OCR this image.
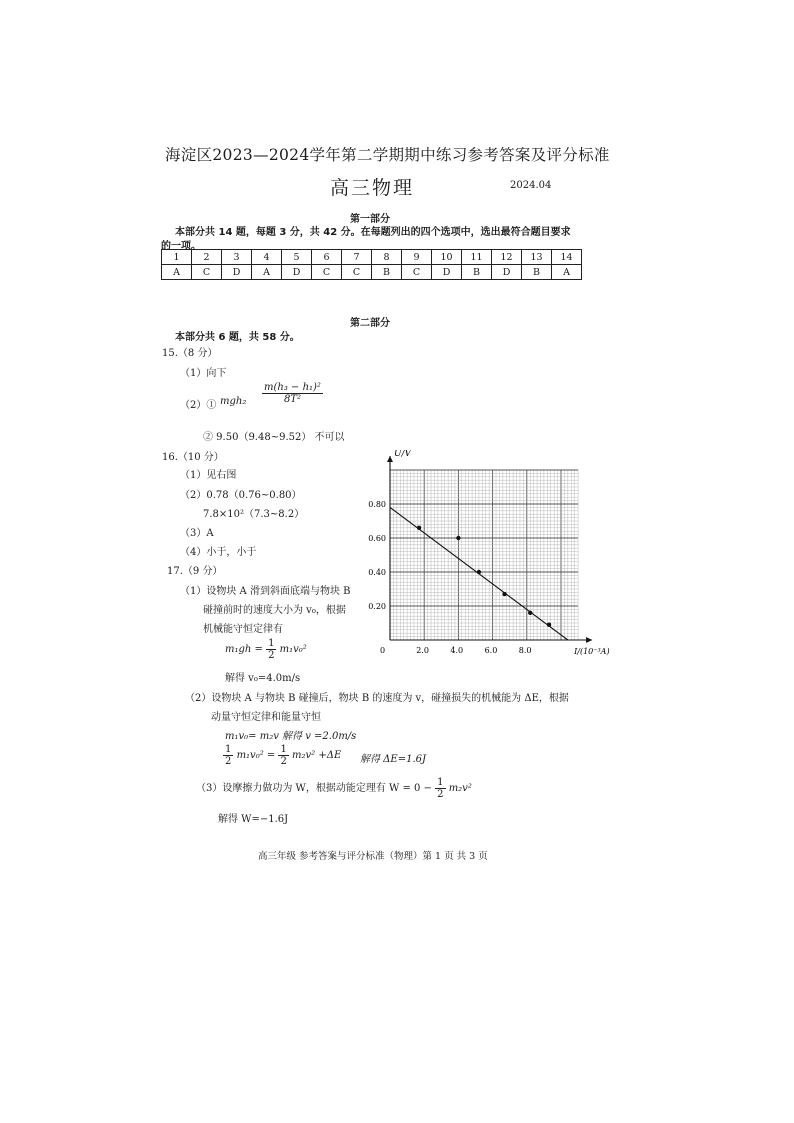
海淀区2023—2024学年第二学期期中练习参考答案及评分标准
高三物理	2024.04
第一部分
本部分共 14 题，每题 3 分，共 42 分。在每题列出的四个选项中，选出最符合题目要求
的一项。
1	2	3	4	5	6	7	8	9	10	11	12	13	14
A	C	D	A	D	C	C	B	C	D	B	D	B	A
第二部分
本部分共 6 题，共 58 分。
15.（8 分）
（1）向下
（2）① $mgh_2 \frac{\text{m(h₃ − h₁)²}}{\text{8T²}}$
② 9.50（9.48~9.52） 不可以
16.（10 分）
（1）见右图
（2）0.78（0.76~0.80）
7.8×10²（7.3~8.2）
（3）A
（4）小于，小于
2.0	4.0	6.0	8.0
0.20
0.40
0.60
0.80
U/V
I/(10⁻³A)
0
17.（9 分）
（1）设物块 A 滑到斜面底端与物块 B
碰撞前时的速度大小为 v₀，根据
机械能守恒定律有
$m_1gh = \frac{1}{2} m_1v_0^2$
解得 v₀=4.0m/s
（2）设物块 A 与物块 B 碰撞后，物块 B 的速度为 v，碰撞损失的机械能为 ΔE，根据
动量守恒定律和能量守恒
m₁v₀= m₂v 解得 v =2.0m/s
$\frac{1}{2} m_1v_0^2 = \frac{1}{2} m_2v^2 +\Delta E$ 解得 ΔE=1.6J
（3）设摩擦力做功为 W，根据动能定理有 $W = 0 - \frac{1}{2} m_2v^2$
解得 W=−1.6J
高三年级 参考答案与评分标准（物理）第 1 页 共 3 页
